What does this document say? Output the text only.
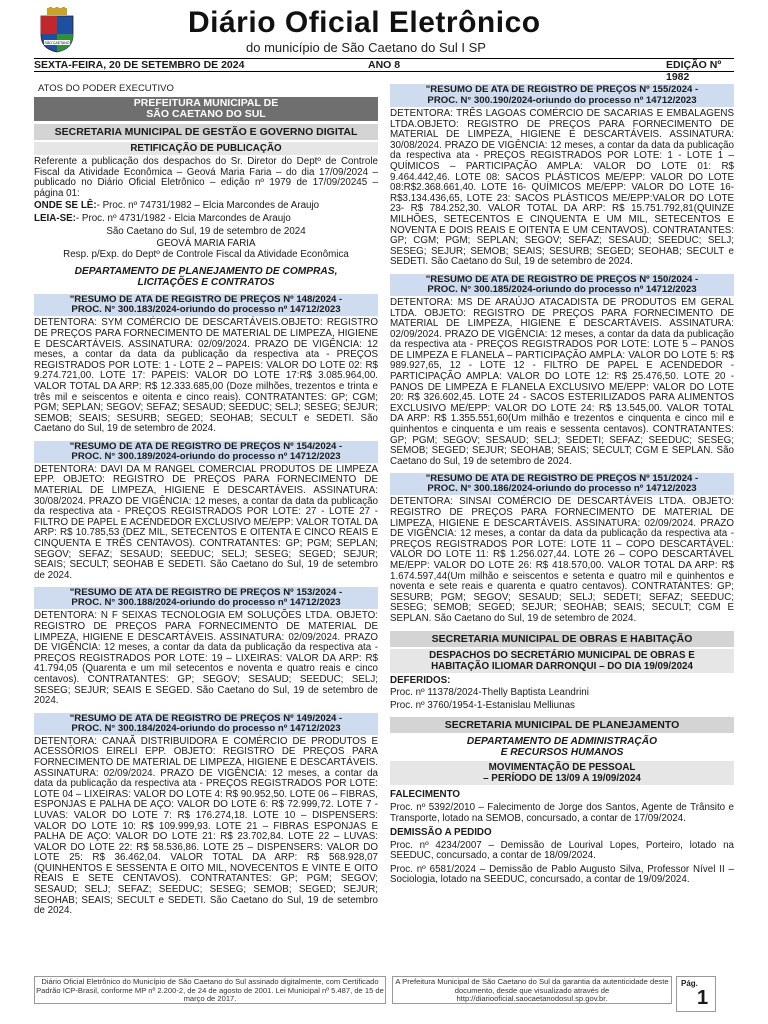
SÃO CAETANO
Diário Oficial Eletrônico
do município de São Caetano do Sul I SP
SEXTA-FEIRA, 20 DE SETEMBRO DE 2024	ANO 8	EDIÇÃO Nº 1982
ATOS DO PODER EXECUTIVO
PREFEITURA MUNICIPAL DE
SÃO CAETANO DO SUL
SECRETARIA MUNICIPAL DE GESTÃO E GOVERNO DIGITAL
RETIFICAÇÃO DE PUBLICAÇÃO
Referente a publicação dos despachos do Sr. Diretor do Deptº de Controle Fiscal da Atividade Econômica – Geová Maria Faria – do dia 17/09/2024 – publicado no Diário Oficial Eletrônico – edição nº 1979 de 17/09/20245 – página 01:
ONDE SE LÊ:- Proc. nº 74731/1982 – Elcia Marcondes de Araujo
LEIA-SE:- Proc. nº 4731/1982 - Elcia Marcondes de Araujo
São Caetano do Sul, 19 de setembro de 2024
GEOVÁ MARIA FARIA
Resp. p/Exp. do Deptº de Controle Fiscal da Atividade Econômica
DEPARTAMENTO DE PLANEJAMENTO DE COMPRAS,
LICITAÇÕES E CONTRATOS
"RESUMO DE ATA DE REGISTRO DE PREÇOS Nº 148/2024 -
PROC. N° 300.183/2024-oriundo do processo nº 14712/2023
DETENTORA: SYM COMÉRCIO DE DESCARTÁVEIS.OBJETO: REGISTRO DE PREÇOS PARA FORNECIMENTO DE MATERIAL DE LIMPEZA, HIGIENE E DESCARTÁVEIS. ASSINATURA: 02/09/2024. PRAZO DE VIGÊNCIA: 12 meses, a contar da data da publicação da respectiva ata - PREÇOS REGISTRADOS POR LOTE: 1 - LOTE 2 – PAPEIS: VALOR DO LOTE 02: R$ 9.274.721,00. LOTE 17: PAPEIS: VALOR DO LOTE 17:R$ 3.085.964,00. VALOR TOTAL DA ARP: R$ 12.333.685,00 (Doze milhões, trezentos e trinta e três mil e seiscentos e oitenta e cinco reais). CONTRATANTES: GP; CGM; PGM; SEPLAN; SEGOV; SEFAZ; SESAUD; SEEDUC; SELJ; SESEG; SEJUR; SEMOB; SEAIS; SESURB; SEGED; SEOHAB; SECULT e SEDETI. São Caetano do Sul, 19 de setembro de 2024.
"RESUMO DE ATA DE REGISTRO DE PREÇOS Nº 154/2024 -
PROC. N° 300.189/2024-oriundo do processo nº 14712/2023
DETENTORA: DAVI DA M RANGEL COMERCIAL PRODUTOS DE LIMPEZA EPP. OBJETO: REGISTRO DE PREÇOS PARA FORNECIMENTO DE MATERIAL DE LIMPEZA, HIGIENE E DESCARTÁVEIS. ASSINATURA: 30/08/2024. PRAZO DE VIGÊNCIA: 12 meses, a contar da data da publicação da respectiva ata - PREÇOS REGISTRADOS POR LOTE: 27 - LOTE 27 - FILTRO DE PAPEL E ACENDEDOR EXCLUSIVO ME/EPP: VALOR TOTAL DA ARP: R$ 10.785,53 (DEZ MIL, SETECENTOS E OITENTA E CINCO REAIS E CINQUENTA E TRÊS CENTAVOS). CONTRATANTES: GP; PGM; SEPLAN; SEGOV; SEFAZ; SESAUD; SEEDUC; SELJ; SESEG; SEGED; SEJUR; SEAIS; SECULT; SEOHAB E SEDETI. São Caetano do Sul, 19 de setembro de 2024.
"RESUMO DE ATA DE REGISTRO DE PREÇOS Nº 153/2024 -
PROC. N° 300.188/2024-oriundo do processo nº 14712/2023
DETENTORA: N F SEIXAS TECNOLOGIA EM SOLUÇÕES LTDA. OBJETO: REGISTRO DE PREÇOS PARA FORNECIMENTO DE MATERIAL DE LIMPEZA, HIGIENE E DESCARTÁVEIS. ASSINATURA: 02/09/2024. PRAZO DE VIGÊNCIA: 12 meses, a contar da data da publicação da respectiva ata - PREÇOS REGISTRADOS POR LOTE: 19 – LIXEIRAS: VALOR DA ARP: R$ 41.794,05 (Quarenta e um mil setecentos e noventa e quatro reais e cinco centavos). CONTRATANTES: GP; SEGOV; SESAUD; SEEDUC; SELJ; SESEG; SEJUR; SEAIS E SEGED. São Caetano do Sul, 19 de setembro de 2024.
"RESUMO DE ATA DE REGISTRO DE PREÇOS Nº 149/2024 -
PROC. N° 300.184/2024-oriundo do processo nº 14712/2023
DETENTORA: CANAÃ DISTRIBUIDORA E COMÉRCIO DE PRODUTOS E ACESSÓRIOS EIRELI EPP. OBJETO: REGISTRO DE PREÇOS PARA FORNECIMENTO DE MATERIAL DE LIMPEZA, HIGIENE E DESCARTÁVEIS. ASSINATURA: 02/09/2024. PRAZO DE VIGÊNCIA: 12 meses, a contar da data da publicação da respectiva ata - PREÇOS REGISTRADOS POR LOTE: LOTE 04 – LIXEIRAS: VALOR DO LOTE 4: R$ 90.952,50. LOTE 06 – FIBRAS, ESPONJAS E PALHA DE AÇO: VALOR DO LOTE 6: R$ 72.999,72. LOTE 7 - LUVAS: VALOR DO LOTE 7: R$ 176.274,18. LOTE 10 – DISPENSERS: VALOR DO LOTE 10: R$ 109.999,93. LOTE 21 – FIBRAS ESPONJAS E PALHA DE AÇO: VALOR DO LOTE 21: R$ 23.702,84. LOTE 22 – LUVAS: VALOR DO LOTE 22: R$ 58.536,86. LOTE 25 – DISPENSERS: VALOR DO LOTE 25: R$ 36.462,04. VALOR TOTAL DA ARP: R$ 568.928,07 (QUINHENTOS E SESSENTA E OITO MIL, NOVECENTOS E VINTE E OITO REAIS E SETE CENTAVOS). CONTRATANTES: GP; PGM; SEGOV; SESAUD; SELJ; SEFAZ; SEEDUC; SESEG; SEMOB; SEGED; SEJUR; SEOHAB; SEAIS; SECULT e SEDETI. São Caetano do Sul, 19 de setembro de 2024.
"RESUMO DE ATA DE REGISTRO DE PREÇOS Nº 155/2024 -
PROC. N° 300.190/2024-oriundo do processo nº 14712/2023
DETENTORA: TRÊS LAGOAS COMÉRCIO DE SACARIAS E EMBALAGENS LTDA.OBJETO: REGISTRO DE PREÇOS PARA FORNECIMENTO DE MATERIAL DE LIMPEZA, HIGIENE E DESCARTÁVEIS. ASSINATURA: 30/08/2024. PRAZO DE VIGÊNCIA: 12 meses, a contar da data da publicação da respectiva ata - PREÇOS REGISTRADOS POR LOTE: 1 - LOTE 1 – QUÍMICOS – PARTICIPAÇÃO AMPLA: VALOR DO LOTE 01: R$ 9.464.442,46. LOTE 08: SACOS PLÁSTICOS ME/EPP: VALOR DO LOTE 08:R$2.368.661,40. LOTE 16- QUÍMICOS ME/EPP: VALOR DO LOTE 16- R$3.134.436,65, LOTE 23: SACOS PLÁSTICOS ME/EPP:VALOR DO LOTE 23- R$ 784.252,30. VALOR TOTAL DA ARP: R$ 15.751.792,81(QUINZE MILHÕES, SETECENTOS E CINQUENTA E UM MIL, SETECENTOS E NOVENTA E DOIS REAIS E OITENTA E UM CENTAVOS). CONTRATANTES: GP; CGM; PGM; SEPLAN; SEGOV; SEFAZ; SESAUD; SEEDUC; SELJ; SESEG; SEJUR; SEMOB; SEAIS; SESURB; SEGED; SEOHAB; SECULT e SEDETI. São Caetano do Sul, 19 de setembro de 2024.
"RESUMO DE ATA DE REGISTRO DE PREÇOS Nº 150/2024 -
PROC. N° 300.185/2024-oriundo do processo nº 14712/2023
DETENTORA: MS DE ARAÚJO ATACADISTA DE PRODUTOS EM GERAL LTDA. OBJETO: REGISTRO DE PREÇOS PARA FORNECIMENTO DE MATERIAL DE LIMPEZA, HIGIENE E DESCARTÁVEIS. ASSINATURA: 02/09/2024. PRAZO DE VIGÊNCIA: 12 meses, a contar da data da publicação da respectiva ata - PREÇOS REGISTRADOS POR LOTE: LOTE 5 – PANOS DE LIMPEZA E FLANELA – PARTICIPAÇÃO AMPLA: VALOR DO LOTE 5: R$ 989.927,65, 12 - LOTE 12 - FILTRO DE PAPEL E ACENDEDOR - PARTICIPAÇÃO AMPLA: VALOR DO LOTE 12: R$ 25.476,50. LOTE 20 - PANOS DE LIMPEZA E FLANELA EXCLUSIVO ME/EPP: VALOR DO LOTE 20: R$ 326.602,45. LOTE 24 - SACOS ESTERILIZADOS PARA ALIMENTOS EXCLUSIVO ME/EPP: VALOR DO LOTE 24: R$ 13.545,00. VALOR TOTAL DA ARP: R$ 1.355.551,60(Um milhão e trezentos e cinquenta e cinco mil e quinhentos e cinquenta e um reais e sessenta centavos). CONTRATANTES: GP; PGM; SEGOV; SESAUD; SELJ; SEDETI; SEFAZ; SEEDUC; SESEG; SEMOB; SEGED; SEJUR; SEOHAB; SEAIS; SECULT; CGM E SEPLAN. São Caetano do Sul, 19 de setembro de 2024.
"RESUMO DE ATA DE REGISTRO DE PREÇOS Nº 151/2024 -
PROC. N° 300.186/2024-oriundo do processo nº 14712/2023
DETENTORA: SINSAI COMÉRCIO DE DESCARTÁVEIS LTDA. OBJETO: REGISTRO DE PREÇOS PARA FORNECIMENTO DE MATERIAL DE LIMPEZA, HIGIENE E DESCARTÁVEIS. ASSINATURA: 02/09/2024. PRAZO DE VIGÊNCIA: 12 meses, a contar da data da publicação da respectiva ata - PREÇOS REGISTRADOS POR LOTE: LOTE 11 – COPO DESCARTÁVEL: VALOR DO LOTE 11: R$ 1.256.027,44. LOTE 26 – COPO DESCARTÁVEL ME/EPP: VALOR DO LOTE 26: R$ 418.570,00. VALOR TOTAL DA ARP: R$ 1.674.597,44(Um milhão e seiscentos e setenta e quatro mil e quinhentos e noventa e sete reais e quarenta e quatro centavos). CONTRATANTES: GP; SESURB; PGM; SEGOV; SESAUD; SELJ; SEDETI; SEFAZ; SEEDUC; SESEG; SEMOB; SEGED; SEJUR; SEOHAB; SEAIS; SECULT; CGM E SEPLAN. São Caetano do Sul, 19 de setembro de 2024.
SECRETARIA MUNICIPAL DE OBRAS E HABITAÇÃO
DESPACHOS DO SECRETÁRIO MUNICIPAL DE OBRAS E
HABITAÇÃO ILIOMAR DARRONQUI – DO DIA 19/09/2024
DEFERIDOS:
Proc. nº 11378/2024-Thelly Baptista Leandrini
Proc. nº 3760/1954-1-Estanislau Melliunas
SECRETARIA MUNICIPAL DE PLANEJAMENTO
DEPARTAMENTO DE ADMINISTRAÇÃO
E RECURSOS HUMANOS
MOVIMENTAÇÃO DE PESSOAL
– PERÍODO DE 13/09 A 19/09/2024
FALECIMENTO
Proc. nº 5392/2010 – Falecimento de Jorge dos Santos, Agente de Trânsito e Transporte, lotado na SEMOB, concursado, a contar de 17/09/2024.
DEMISSÃO A PEDIDO
Proc. nº 4234/2007 – Demissão de Lourival Lopes, Porteiro, lotado na SEEDUC, concursado, a contar de 18/09/2024.
Proc. nº 6581/2024 – Demissão de Pablo Augusto Silva, Professor Nível II – Sociologia, lotado na SEEDUC, concursado, a contar de 19/09/2024.
Diário Oficial Eletrônico do Município de São Caetano do Sul assinado digitalmente, com Certificado Padrão ICP-Brasil, conforme MP nº 2.200-2, de 24 de agosto de 2001. Lei Municipal nº 5.487, de 15 de março de 2017.
A Prefeitura Municipal de São Caetano do Sul da garantia da autenticidade deste documento, desde que visualizado através de http://diariooficial.saocaetanodosul.sp.gov.br.
Pág.
1
